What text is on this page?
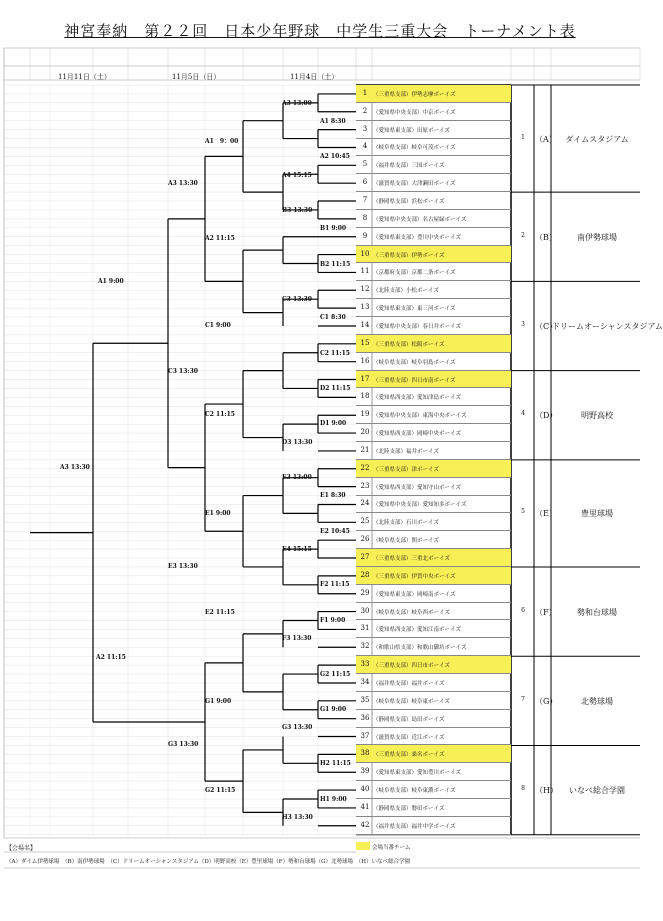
神宮奉納　第２２回　日本少年野球　中学生三重大会　トーナメント表
11月11日（土）	11月5日（日）	11月4日（土）
1	（三重県支部）伊勢志摩ボーイズ
2	（愛知県中央支部）中京ボーイズ
3	（愛知県東支部）田原ボーイズ
4	（岐阜県支部）岐阜可茂ボーイズ
5	（福井県支部）三国ボーイズ
6	（滋賀県支部）大津瀬田ボーイズ
7	（静岡県支部）浜松ボーイズ
8	（愛知県中央支部）名古屋緑ボーイズ
9	（愛知県東支部）豊川中央ボーイズ
10 （三重県支部）伊勢ボーイズ
11 （京都府支部）京都二条ボーイズ
12 （北陸支部）小松ボーイズ
13 （愛知県東支部）東三河ボーイズ
14 （愛知県中央支部）春日井ボーイズ
15 （三重県支部）松阪ボーイズ
16 （岐阜県支部）岐阜羽島ボーイズ
17 （三重県支部）四日市南ボーイズ
18 （愛知県西支部）愛知津島ボーイズ
19 （愛知県中央支部）東海中央ボーイズ
20 （愛知県西支部）岡崎中央ボーイズ
21 （北陸支部）福井ボーイズ
22 （三重県支部）津ボーイズ
23 （愛知県西支部）愛知守山ボーイズ
24 （愛知県中央支部）愛知知多ボーイズ
25 （北陸支部）石川ボーイズ
26 （岐阜県支部）関ボーイズ
27 （三重県支部）三重北ボーイズ
28 （三重県支部）伊賀中央ボーイズ
29 （愛知県東支部）岡崎南ボーイズ
30 （岐阜県支部）岐阜西ボーイズ
31 （愛知県西支部）愛知江南ボーイズ
32 （和歌山県支部）和歌山御坊ボーイズ
33 （三重県支部）四日市ボーイズ
34 （福井県支部）福井ボーイズ
35 （岐阜県支部）岐阜東ボーイズ
36 （静岡県支部）島田ボーイズ
37 （滋賀県支部）近江ボーイズ
38 （三重県支部）桑名ボーイズ
39 （愛知県東支部）愛知豊川ボーイズ
40 （岐阜県支部）岐阜東濃ボーイズ
41 （静岡県支部）磐田ボーイズ
42 （福井県支部）福井中学ボーイズ
1	（A）	ダイムスタジアム
2	（B）	南伊勢球場
3	（C）
ドリームオーシャンスタジアム
4	（D）	明野高校
5	（E）	豊里球場
6	（F）	勢和台球場
7	（G）	北勢球場
8	（H）	いなべ総合学園
A3 13:00
A1 8:30
A2 10:45
A4 15:15
A1　9：00
B3 13:30
B1 9:00
B2 11:15
A2 11:15
A3 13:30
C3 13:30
C1 8:30
C2 11:15
C1 9:00
A1 9:00
D2 11:15
D1 9:00
D3 13:30
C2 11:15
C3 13:30
E3 13:00
E1 8:30
E2 10:45
E4 15:15
E1 9:00
A3 13:30
F2 11:15
F1 9:00
F3 13:30
E2 11:15
E3 13:30
G2 11:15
G1 9:00
G3 13:30
G1 9:00
A2 11:15
H2 11:15
H1 9:00
H3 13:30
G2 11:15
G3 13:30
【会場名】	会場当番チーム
（A）ダイム伊勢球場　（B）南伊勢球場　（C）ドリームオーシャンスタジアム（D）明野高校（E）豊里球場（F）勢和台球場（G）北勢球場　（H）いなべ総合学園
